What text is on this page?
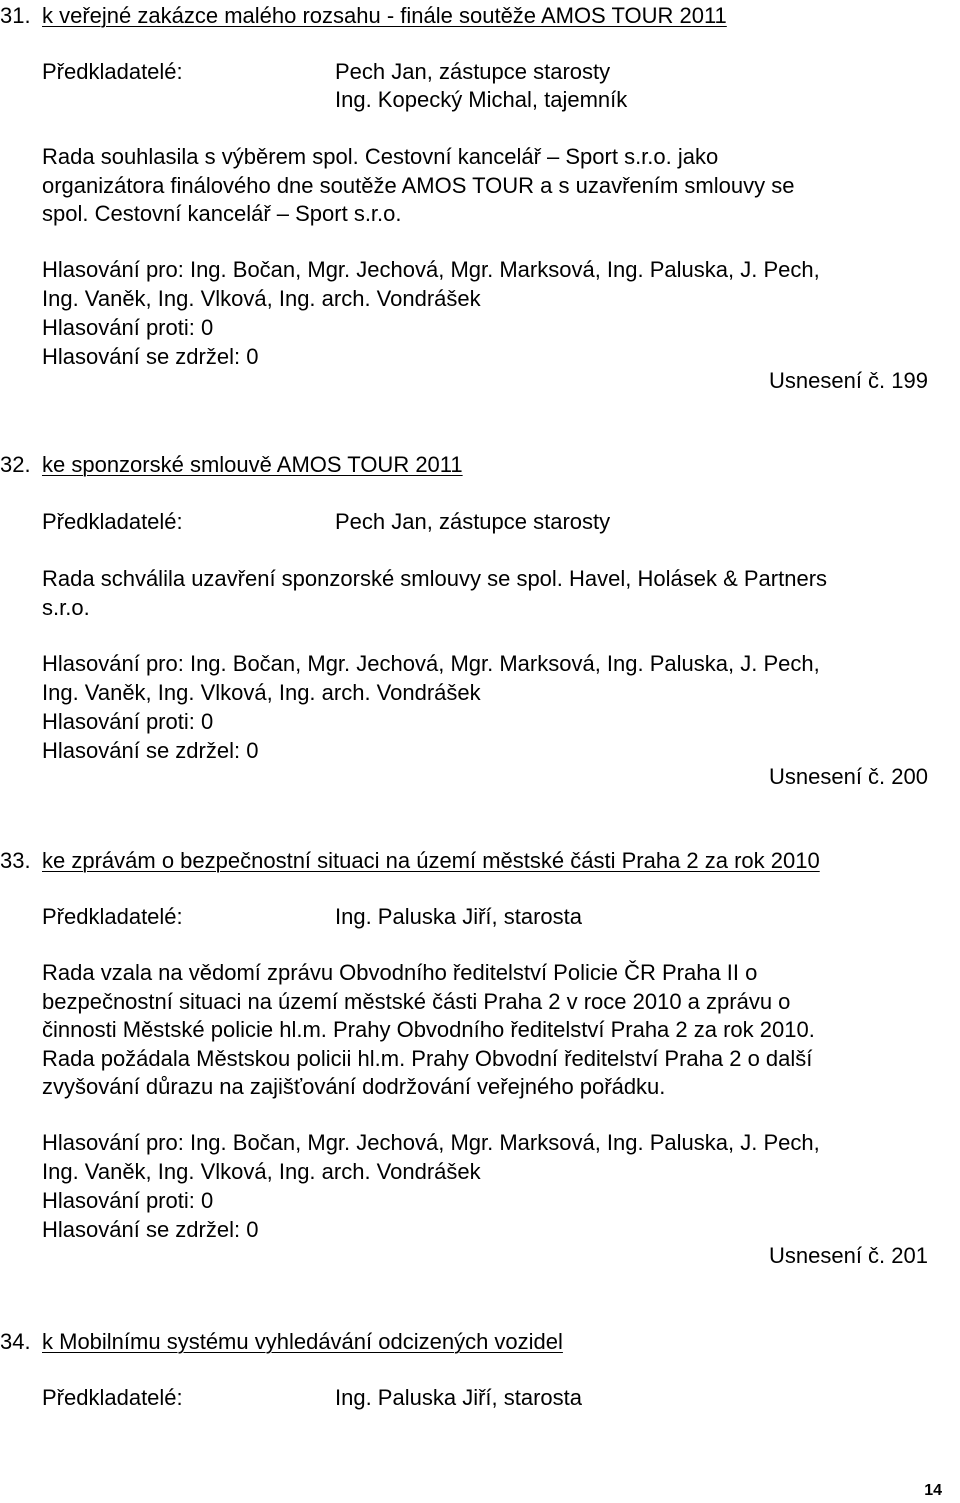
31. k veřejné zakázce malého rozsahu - finále soutěže AMOS TOUR 2011
Předkladatelé:	Pech Jan, zástupce starosty
Ing. Kopecký Michal, tajemník
Rada souhlasila s výběrem spol. Cestovní kancelář – Sport s.r.o. jako
organizátora finálového dne soutěže AMOS TOUR a s uzavřením smlouvy se
spol. Cestovní kancelář – Sport s.r.o.
Hlasování pro: Ing. Bočan, Mgr. Jechová, Mgr. Marksová, Ing. Paluska, J. Pech,
Ing. Vaněk, Ing. Vlková, Ing. arch. Vondrášek
Hlasování proti: 0
Hlasování se zdržel: 0
Usnesení č. 199
32. ke sponzorské smlouvě AMOS TOUR 2011
Předkladatelé:	Pech Jan, zástupce starosty
Rada schválila uzavření sponzorské smlouvy se spol. Havel, Holásek & Partners
s.r.o.
Hlasování pro: Ing. Bočan, Mgr. Jechová, Mgr. Marksová, Ing. Paluska, J. Pech,
Ing. Vaněk, Ing. Vlková, Ing. arch. Vondrášek
Hlasování proti: 0
Hlasování se zdržel: 0
Usnesení č. 200
33. ke zprávám o bezpečnostní situaci na území městské části Praha 2 za rok 2010
Předkladatelé:	Ing. Paluska Jiří, starosta
Rada vzala na vědomí zprávu Obvodního ředitelství Policie ČR Praha II o
bezpečnostní situaci na území městské části Praha 2 v roce 2010 a zprávu o
činnosti Městské policie hl.m. Prahy Obvodního ředitelství Praha 2 za rok 2010.
Rada požádala Městskou policii hl.m. Prahy Obvodní ředitelství Praha 2 o další
zvyšování důrazu na zajišťování dodržování veřejného pořádku.
Hlasování pro: Ing. Bočan, Mgr. Jechová, Mgr. Marksová, Ing. Paluska, J. Pech,
Ing. Vaněk, Ing. Vlková, Ing. arch. Vondrášek
Hlasování proti: 0
Hlasování se zdržel: 0
Usnesení č. 201
34. k Mobilnímu systému vyhledávání odcizených vozidel
Předkladatelé:	Ing. Paluska Jiří, starosta
14
